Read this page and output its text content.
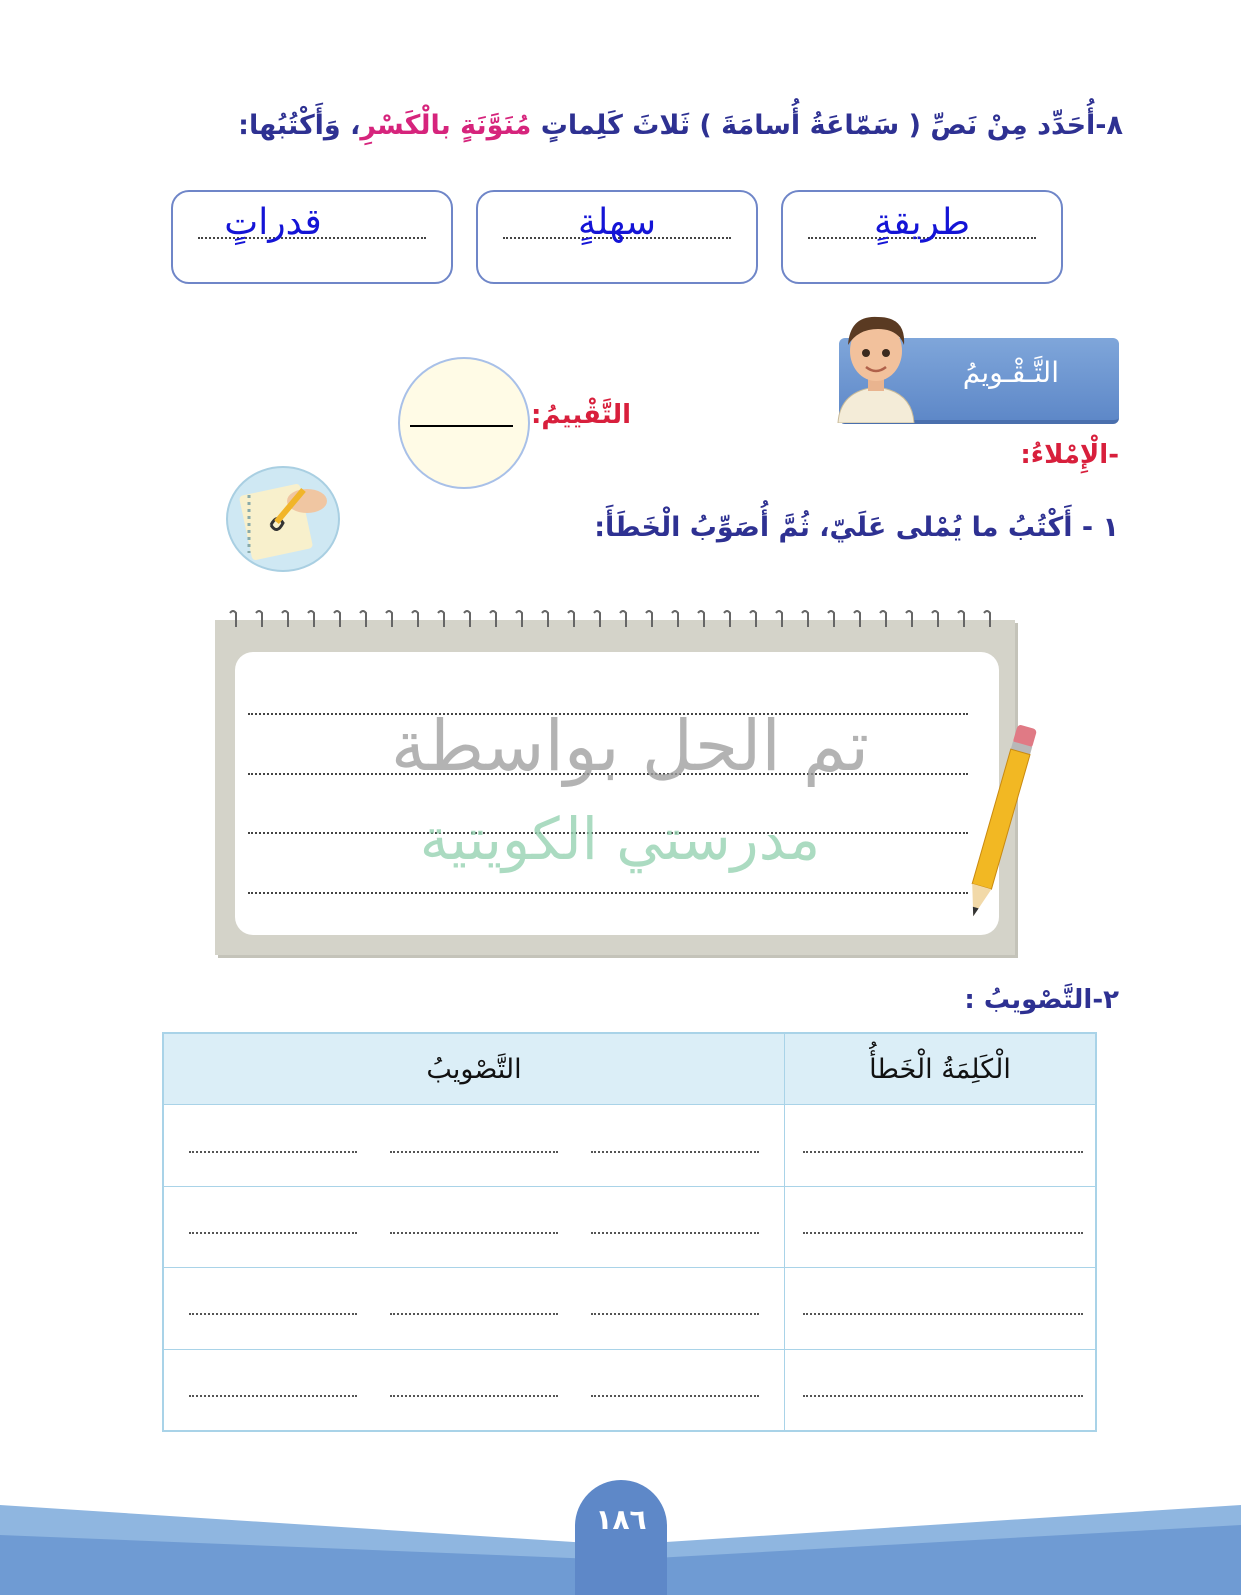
٨-أُحَدِّد مِنْ نَصِّ ( سَمّاعَةُ أُسامَةَ ) ثَلاثَ كَلِماتٍ مُنَوَّنَةٍ بالْكَسْرِ، وَأَكْتُبُها:
طريقةٍ
سهلةٍ
قدراتٍ
التَّـقْـويمُ
التَّقْييمُ:
-الْإِمْلاءُ:
١ - أَكْتُبُ ما يُمْلى عَلَيّ، ثُمَّ أُصَوِّبُ الْخَطَأَ:
تم الحل بواسطة
مدرستي الكويتية
٢-التَّصْويبُ :
الْكَلِمَةُ الْخَطأُ	التَّصْويبُ

١٨٦
